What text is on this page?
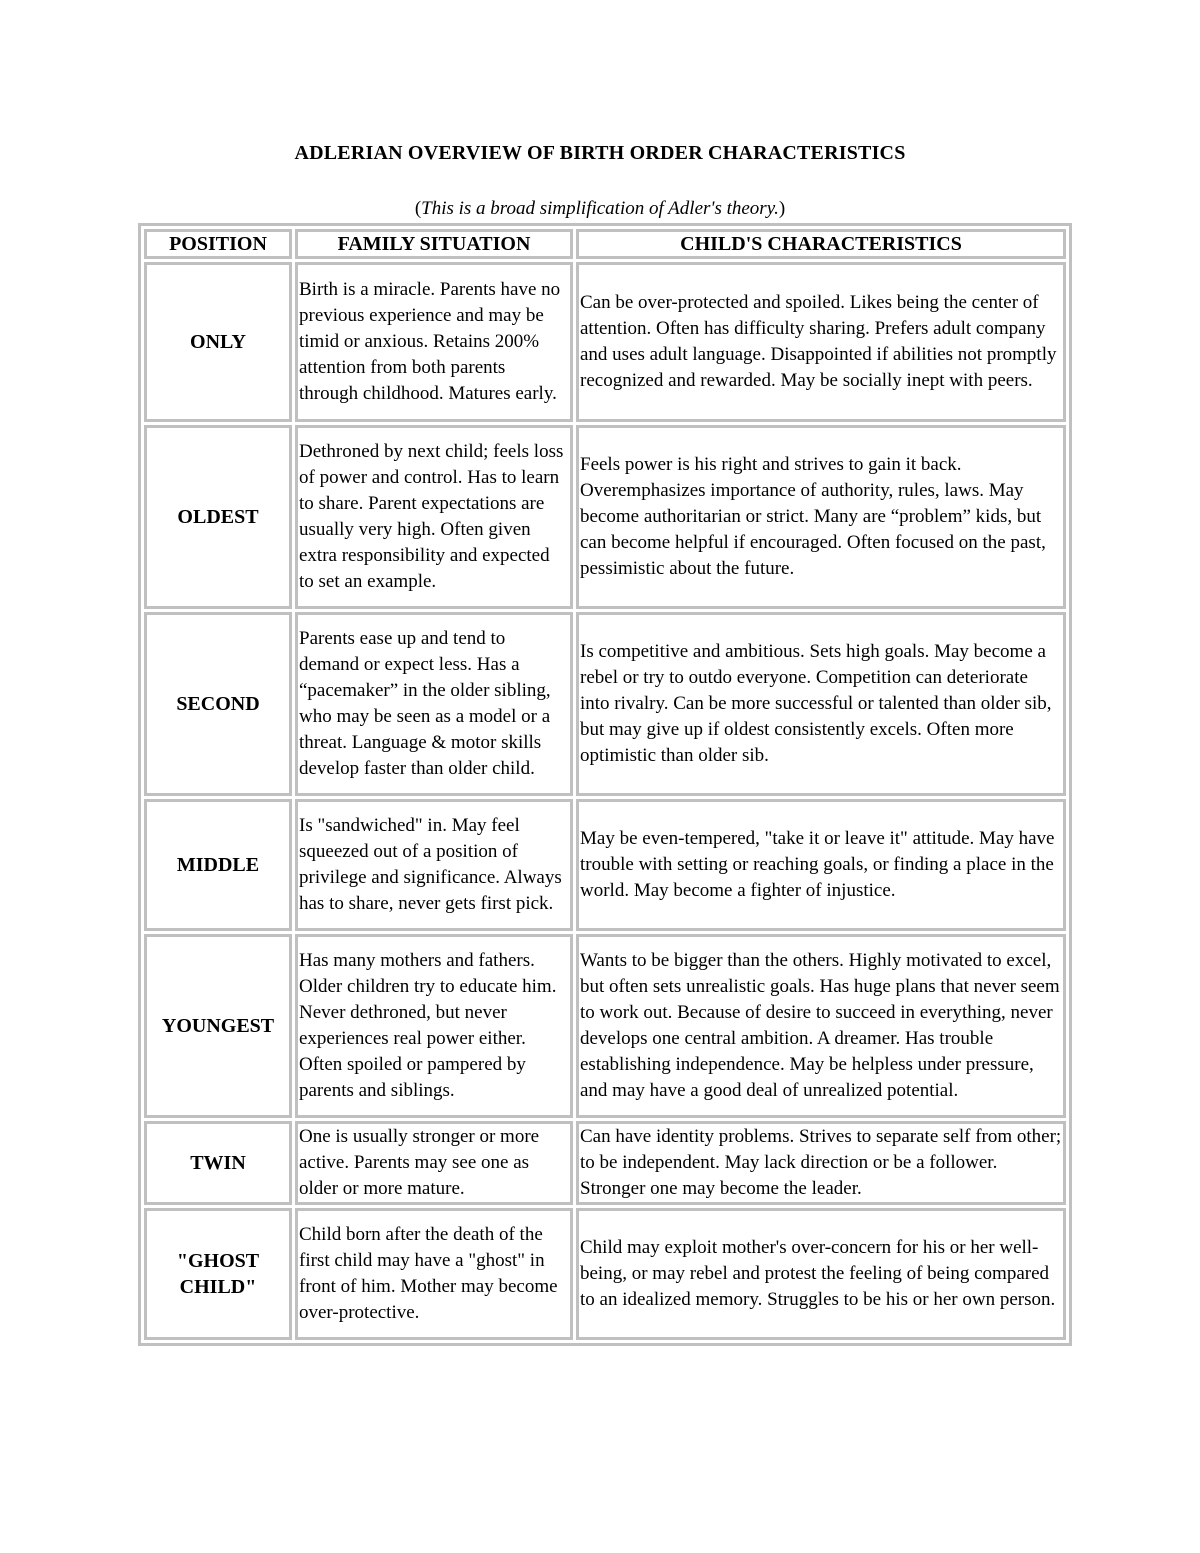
ADLERIAN OVERVIEW OF BIRTH ORDER CHARACTERISTICS
(This is a broad simplification of Adler's theory.)
POSITION	FAMILY SITUATION	CHILD'S CHARACTERISTICS
ONLY	Birth is a miracle. Parents have no previous experience and may be timid or anxious. Retains 200% attention from both parents through childhood. Matures early.	Can be over-protected and spoiled. Likes being the center of attention. Often has difficulty sharing. Prefers adult company and uses adult language. Disappointed if abilities not promptly recognized and rewarded. May be socially inept with peers.
OLDEST	Dethroned by next child; feels loss of power and control. Has to learn to share. Parent expectations are usually very high. Often given extra responsibility and expected to set an example.	Feels power is his right and strives to gain it back. Overemphasizes importance of authority, rules, laws. May become authoritarian or strict. Many are “problem” kids, but can become helpful if encouraged. Often focused on the past, pessimistic about the future.
SECOND	Parents ease up and tend to demand or expect less. Has a “pacemaker” in the older sibling, who may be seen as a model or a threat. Language & motor skills develop faster than older child.	Is competitive and ambitious. Sets high goals. May become a rebel or try to outdo everyone. Competition can deteriorate into rivalry. Can be more successful or talented than older sib, but may give up if oldest consistently excels. Often more optimistic than older sib.
MIDDLE	Is "sandwiched" in. May feel squeezed out of a position of privilege and significance. Always has to share, never gets first pick.	May be even-tempered, "take it or leave it" attitude. May have trouble with setting or reaching goals, or finding a place in the world. May become a fighter of injustice.
YOUNGEST	Has many mothers and fathers. Older children try to educate him. Never dethroned, but never experiences real power either. Often spoiled or pampered by parents and siblings.	Wants to be bigger than the others. Highly motivated to excel, but often sets unrealistic goals. Has huge plans that never seem to work out. Because of desire to succeed in everything, never develops one central ambition. A dreamer. Has trouble establishing independence. May be helpless under pressure, and may have a good deal of unrealized potential.
TWIN	One is usually stronger or more active. Parents may see one as older or more mature.	Can have identity problems. Strives to separate self from other; to be independent. May lack direction or be a follower. Stronger one may become the leader.
"GHOST CHILD"	Child born after the death of the first child may have a "ghost" in front of him. Mother may become over-protective.	Child may exploit mother's over-concern for his or her well-being, or may rebel and protest the feeling of being compared to an idealized memory. Struggles to be his or her own person.
